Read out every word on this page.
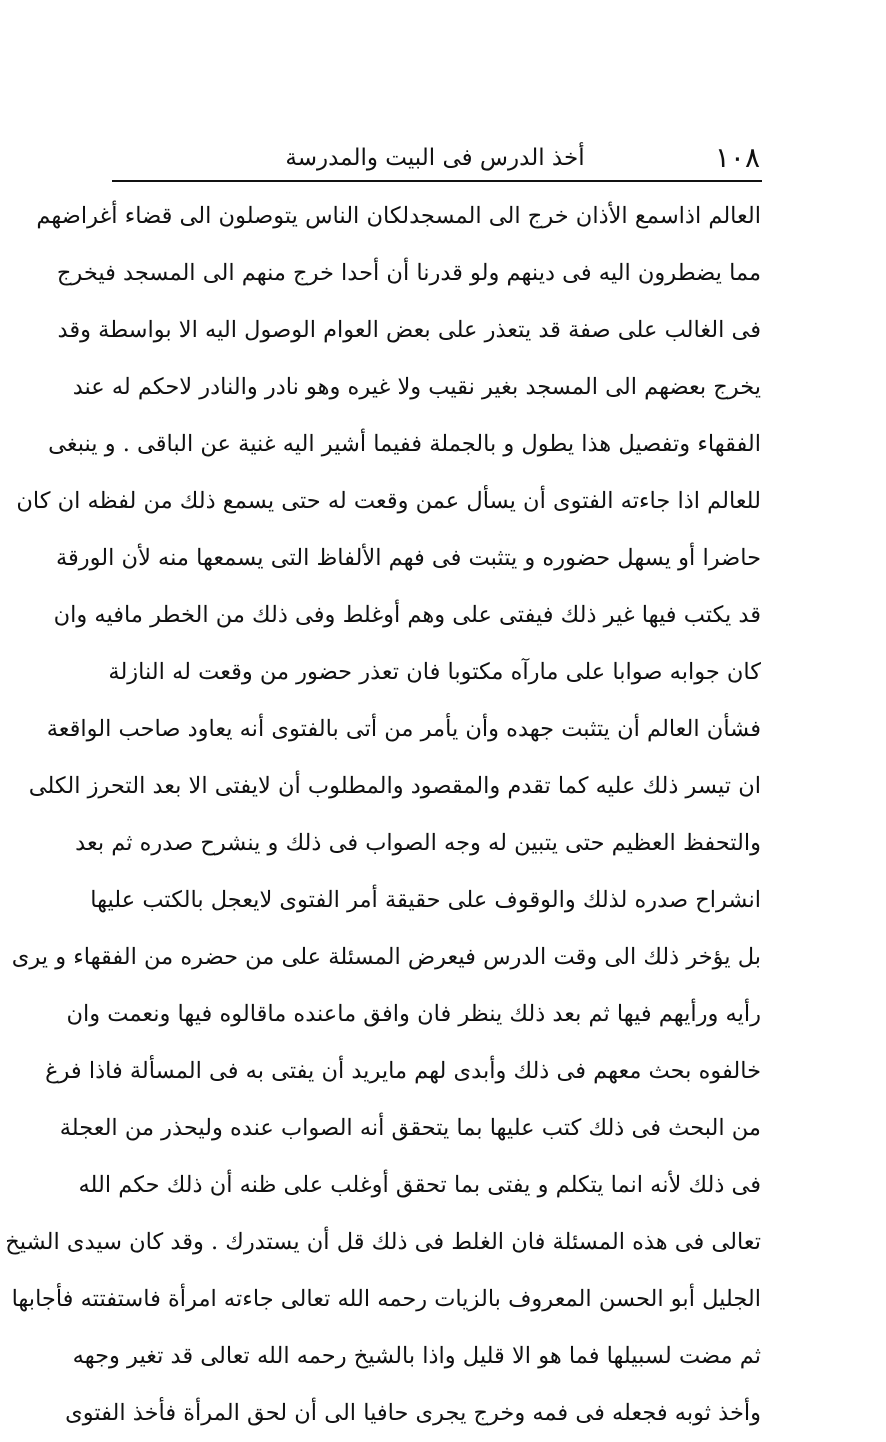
١٠٨
أخذ الدرس فى البيت والمدرسة
العالم اذاسمع الأذان خرج الى المسجدلكان الناس يتوصلون الى قضاء أغراضهم
مما يضطرون اليه فى دينهم ولو قدرنا أن أحدا خرج منهم الى المسجد فيخرج
فى الغالب على صفة قد يتعذر على بعض العوام الوصول اليه الا بواسطة وقد
يخرج بعضهم الى المسجد بغير نقيب ولا غيره وهو نادر والنادر لاحكم له عند
الفقهاء وتفصيل هذا يطول و بالجملة ففيما أشير اليه غنية عن الباقى . و ينبغى
للعالم اذا جاءته الفتوى أن يسأل عمن وقعت له حتى يسمع ذلك من لفظه ان كان
حاضرا أو يسهل حضوره و يتثبت فى فهم الألفاظ التى يسمعها منه لأن الورقة
قد يكتب فيها غير ذلك فيفتى على وهم أوغلط وفى ذلك من الخطر مافيه وان
كان جوابه صوابا على مارآه مكتوبا فان تعذر حضور من وقعت له النازلة
فشأن العالم أن يتثبت جهده وأن يأمر من أتى بالفتوى أنه يعاود صاحب الواقعة
ان تيسر ذلك عليه كما تقدم والمقصود والمطلوب أن لايفتى الا بعد التحرز الكلى
والتحفظ العظيم حتى يتبين له وجه الصواب فى ذلك و ينشرح صدره ثم بعد
انشراح صدره لذلك والوقوف على حقيقة أمر الفتوى لايعجل بالكتب عليها
بل يؤخر ذلك الى وقت الدرس فيعرض المسئلة على من حضره من الفقهاء و يرى
رأيه ورأيهم فيها ثم بعد ذلك ينظر فان وافق ماعنده ماقالوه فيها ونعمت وان
خالفوه بحث معهم فى ذلك وأبدى لهم مايريد أن يفتى به فى المسألة فاذا فرغ
من البحث فى ذلك كتب عليها بما يتحقق أنه الصواب عنده وليحذر من العجلة
فى ذلك لأنه انما يتكلم و يفتى بما تحقق أوغلب على ظنه أن ذلك حكم الله
تعالى فى هذه المسئلة فان الغلط فى ذلك قل أن يستدرك . وقد كان سيدى الشيخ
الجليل أبو الحسن المعروف بالزيات رحمه الله تعالى جاءته امرأة فاستفتته فأجابها
ثم مضت لسبيلها فما هو الا قليل واذا بالشيخ رحمه الله تعالى قد تغير وجهه
وأخذ ثوبه فجعله فى فمه وخرج يجرى حافيا الى أن لحق المرأة فأخذ الفتوى
